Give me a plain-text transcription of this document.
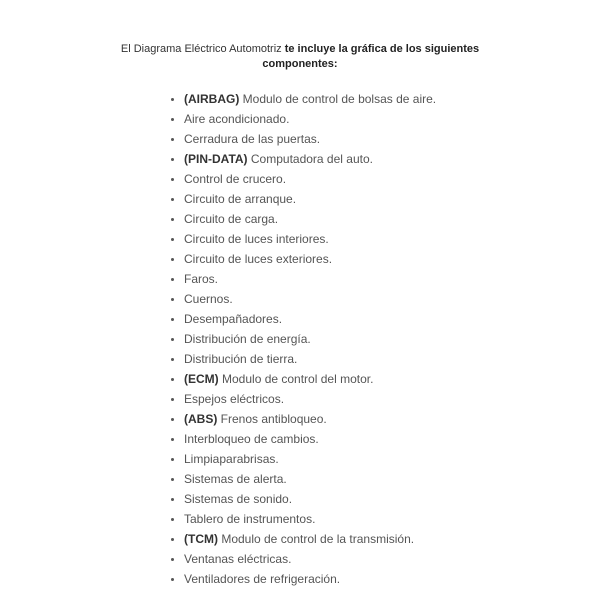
El Diagrama Eléctrico Automotriz te incluye la gráfica de los siguientes componentes:
(AIRBAG) Modulo de control de bolsas de aire.
Aire acondicionado.
Cerradura de las puertas.
(PIN-DATA) Computadora del auto.
Control de crucero.
Circuito de arranque.
Circuito de carga.
Circuito de luces interiores.
Circuito de luces exteriores.
Faros.
Cuernos.
Desempañadores.
Distribución de energía.
Distribución de tierra.
(ECM) Modulo de control del motor.
Espejos eléctricos.
(ABS) Frenos antibloqueo.
Interbloqueo de cambios.
Limpiaparabrisas.
Sistemas de alerta.
Sistemas de sonido.
Tablero de instrumentos.
(TCM) Modulo de control de la transmisión.
Ventanas eléctricas.
Ventiladores de refrigeración.
